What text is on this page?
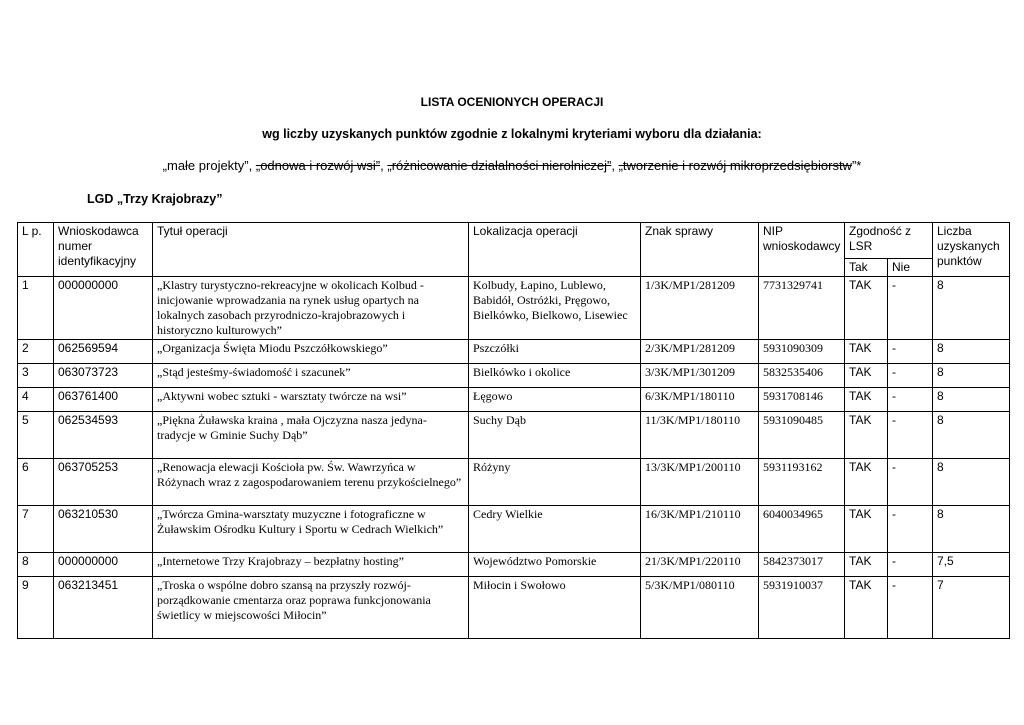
LISTA OCENIONYCH OPERACJI
wg liczby uzyskanych punktów zgodnie z lokalnymi kryteriami wyboru dla działania:
„małe projekty”, „odnowa i rozwój wsi”, „różnicowanie działalności nierolniczej”, „tworzenie i rozwój mikroprzedsiębiorstw”*
LGD „Trzy Krajobrazy”
L p.	Wnioskodawca numer identyfikacyjny	Tytuł operacji	Lokalizacja operacji	Znak sprawy	NIP wnioskodawcy	Zgodność z LSR		Liczba uzyskanych punktów
						Tak	Nie	
1	000000000	„Klastry turystyczno-rekreacyjne w okolicach Kolbud - inicjowanie wprowadzania na rynek usług opartych na lokalnych zasobach przyrodniczo-krajobrazowych i historyczno kulturowych”	Kolbudy, Łapino, Lublewo, Babidół, Ostróżki, Pręgowo, Bielkówko, Bielkowo, Lisewiec	1/3K/MP1/281209	7731329741	TAK	-	8
2	062569594	„Organizacja Święta Miodu Pszczółkowskiego”	Pszczółki	2/3K/MP1/281209	5931090309	TAK	-	8
3	063073723	„Stąd jesteśmy-świadomość i szacunek”	Bielkówko i okolice	3/3K/MP1/301209	5832535406	TAK	-	8
4	063761400	„Aktywni wobec sztuki - warsztaty twórcze na wsi”	Łęgowo	6/3K/MP1/180110	5931708146	TAK	-	8
5	062534593	„Piękna Żuławska kraina , mała Ojczyzna nasza jedyna-tradycje w Gminie Suchy Dąb”	Suchy Dąb	11/3K/MP1/180110	5931090485	TAK	-	8
6	063705253	„Renowacja elewacji Kościoła pw. Św. Wawrzyńca w Różynach wraz z zagospodarowaniem terenu przykościelnego”	Różyny	13/3K/MP1/200110	5931193162	TAK	-	8
7	063210530	„Twórcza Gmina-warsztaty muzyczne i fotograficzne w Żuławskim Ośrodku Kultury i Sportu w Cedrach Wielkich”	Cedry Wielkie	16/3K/MP1/210110	6040034965	TAK	-	8
8	000000000	„Internetowe Trzy Krajobrazy – bezpłatny hosting”	Województwo Pomorskie	21/3K/MP1/220110	5842373017	TAK	-	7,5
9	063213451	„Troska o wspólne dobro szansą na przyszły rozwój-porządkowanie cmentarza oraz poprawa funkcjonowania świetlicy w miejscowości Miłocin”	Miłocin i Swołowo	5/3K/MP1/080110	5931910037	TAK	-	7
